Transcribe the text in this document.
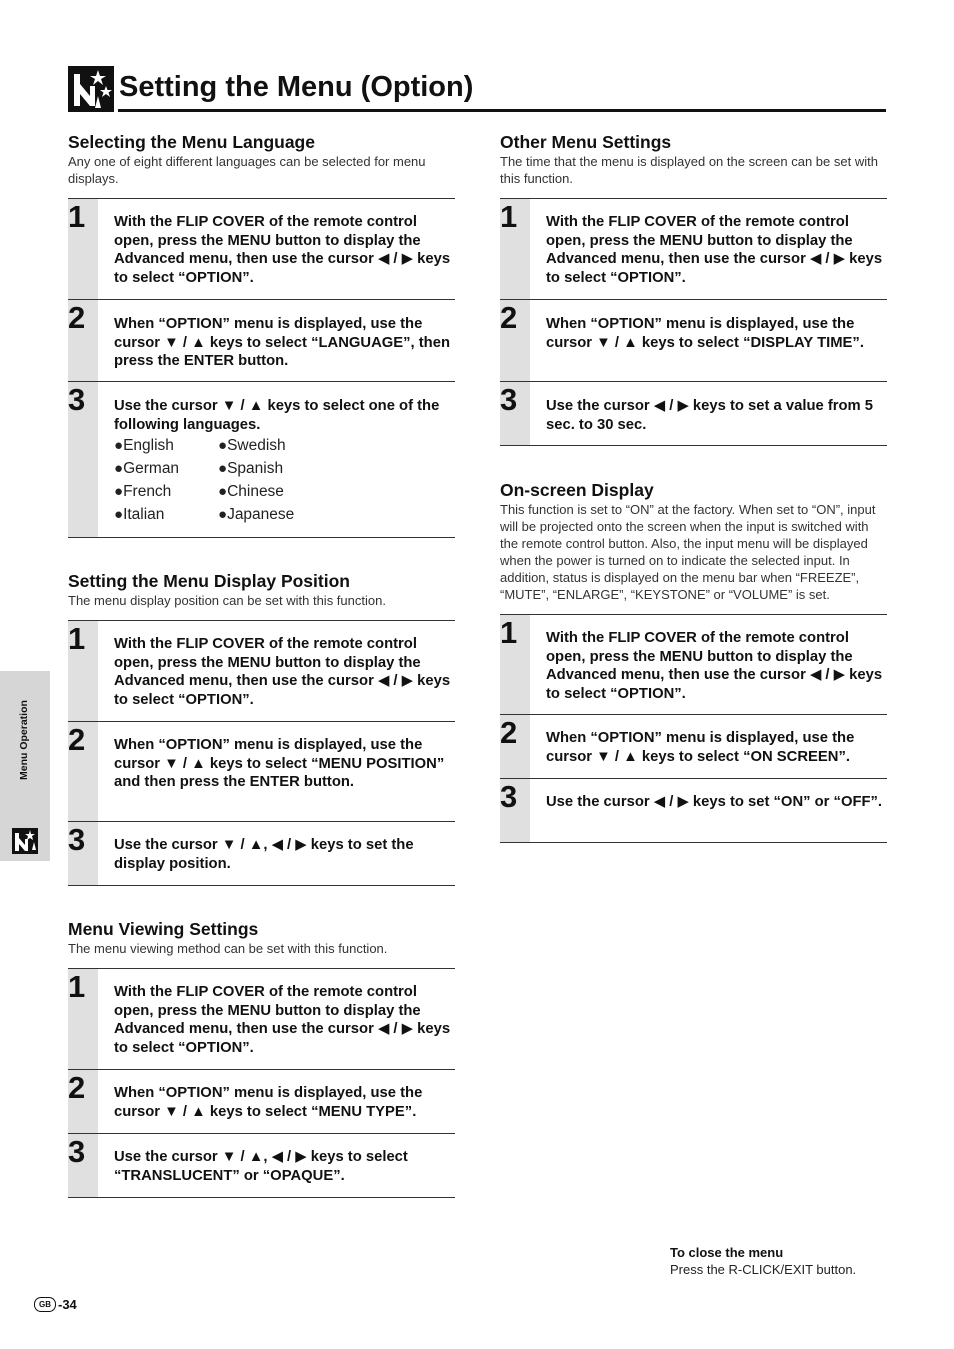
Setting the Menu (Option)
Selecting the Menu Language

Any one of eight different languages can be selected for menu displays.

1 With the FLIP COVER of the remote control open, press the MENU button to display the Advanced menu, then use the cursor ◀ / ▶ keys to select “OPTION”.
2 When “OPTION” menu is displayed, use the cursor ▼ / ▲ keys to select “LANGUAGE”, then press the ENTER button.
3 Use the cursor ▼ / ▲ keys to select one of the following languages.
● English	● Swedish
● German	● Spanish
● French	● Chinese
● Italian	● Japanese
Setting the Menu Display Position

The menu display position can be set with this function.

1 With the FLIP COVER of the remote control open, press the MENU button to display the Advanced menu, then use the cursor ◀ / ▶ keys to select “OPTION”.
2 When “OPTION” menu is displayed, use the cursor ▼ / ▲ keys to select “MENU POSITION” and then press the ENTER button.
3 Use the cursor ▼ / ▲, ◀ / ▶ keys to set the display position.
Menu Viewing Settings

The menu viewing method can be set with this function.

1 With the FLIP COVER of the remote control open, press the MENU button to display the Advanced menu, then use the cursor ◀ / ▶ keys to select “OPTION”.
2 When “OPTION” menu is displayed, use the cursor ▼ / ▲ keys to select “MENU TYPE”.
3 Use the cursor ▼ / ▲, ◀ / ▶ keys to select “TRANSLUCENT” or “OPAQUE”.
Other Menu Settings

The time that the menu is displayed on the screen can be set with this function.

1 With the FLIP COVER of the remote control open, press the MENU button to display the Advanced menu, then use the cursor ◀ / ▶ keys to select “OPTION”.
2 When “OPTION” menu is displayed, use the cursor ▼ / ▲ keys to select “DISPLAY TIME”.
3 Use the cursor ◀ / ▶ keys to set a value from 5 sec. to 30 sec.
On-screen Display

This function is set to “ON” at the factory. When set to “ON”, input will be projected onto the screen when the input is switched with the remote control button. Also, the input menu will be displayed when the power is turned on to indicate the selected input. In addition, status is displayed on the menu bar when “FREEZE”, “MUTE”, “ENLARGE”, “KEYSTONE” or “VOLUME” is set.

1 With the FLIP COVER of the remote control open, press the MENU button to display the Advanced menu, then use the cursor ◀ / ▶ keys to select “OPTION”.
2 When “OPTION” menu is displayed, use the cursor ▼ / ▲ keys to select “ON SCREEN”.
3 Use the cursor ◀ / ▶ keys to set “ON” or “OFF”.
Menu Operation
To close the menu
Press the R-CLICK/EXIT button.
GB -34
